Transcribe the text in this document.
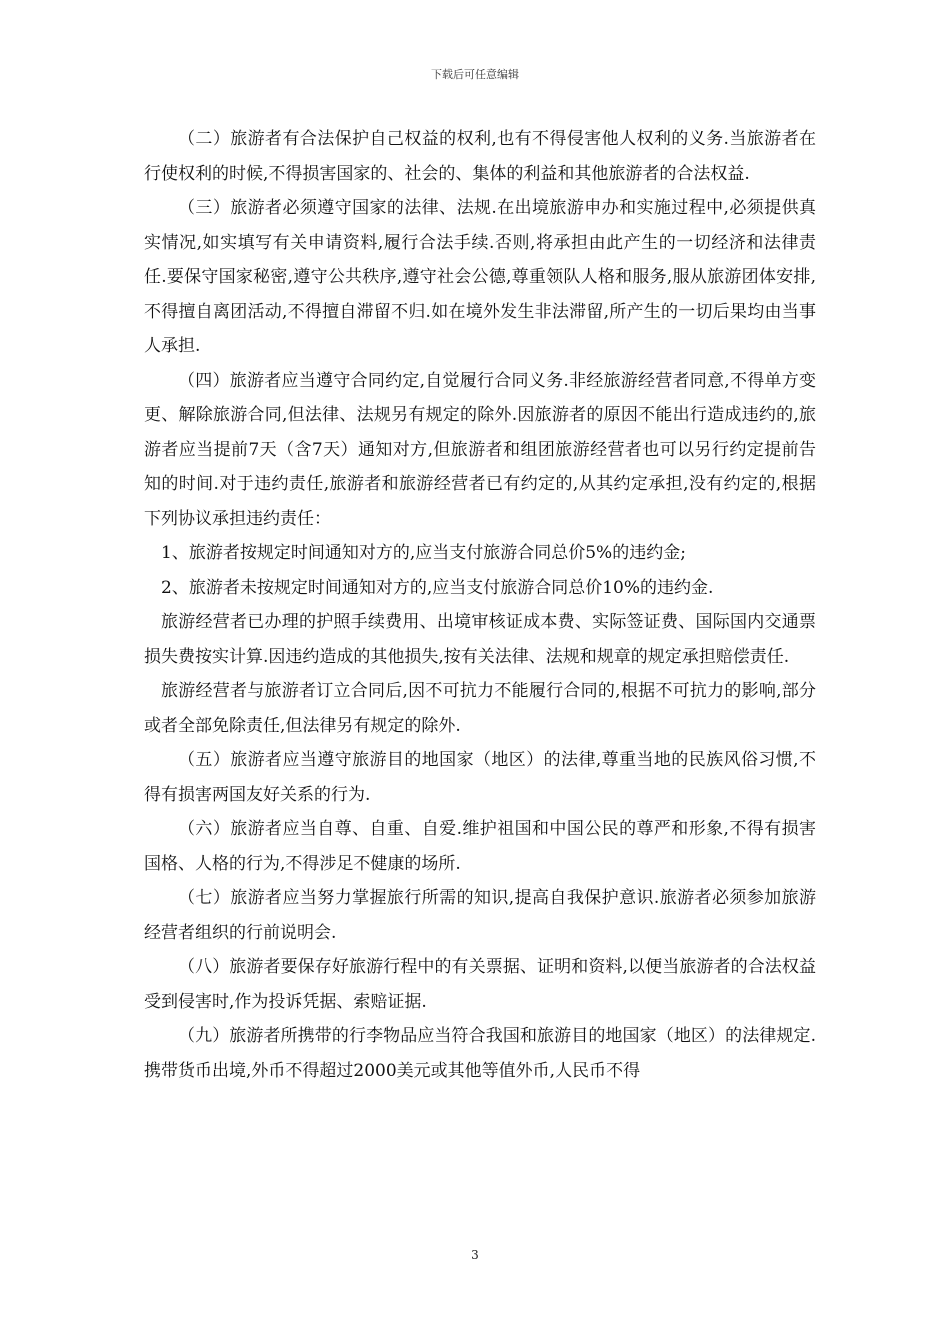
下载后可任意编辑

（二）旅游者有合法保护自己权益的权利,也有不得侵害他人权利的义务.当旅游者在行使权利的时候,不得损害国家的、社会的、集体的利益和其他旅游者的合法权益.

（三）旅游者必须遵守国家的法律、法规.在出境旅游申办和实施过程中,必须提供真实情况,如实填写有关申请资料,履行合法手续.否则,将承担由此产生的一切经济和法律责任.要保守国家秘密,遵守公共秩序,遵守社会公德,尊重领队人格和服务,服从旅游团体安排,不得擅自离团活动,不得擅自滞留不归.如在境外发生非法滞留,所产生的一切后果均由当事人承担.

（四）旅游者应当遵守合同约定,自觉履行合同义务.非经旅游经营者同意,不得单方变更、解除旅游合同,但法律、法规另有规定的除外.因旅游者的原因不能出行造成违约的,旅游者应当提前7天（含7天）通知对方,但旅游者和组团旅游经营者也可以另行约定提前告知的时间.对于违约责任,旅游者和旅游经营者已有约定的,从其约定承担,没有约定的,根据下列协议承担违约责任：

1、旅游者按规定时间通知对方的,应当支付旅游合同总价5%的违约金;

2、旅游者未按规定时间通知对方的,应当支付旅游合同总价10%的违约金.

旅游经营者已办理的护照手续费用、出境审核证成本费、实际签证费、国际国内交通票损失费按实计算.因违约造成的其他损失,按有关法律、法规和规章的规定承担赔偿责任.

旅游经营者与旅游者订立合同后,因不可抗力不能履行合同的,根据不可抗力的影响,部分或者全部免除责任,但法律另有规定的除外.

（五）旅游者应当遵守旅游目的地国家（地区）的法律,尊重当地的民族风俗习惯,不得有损害两国友好关系的行为.

（六）旅游者应当自尊、自重、自爱.维护祖国和中国公民的尊严和形象,不得有损害国格、人格的行为,不得涉足不健康的场所.

（七）旅游者应当努力掌握旅行所需的知识,提高自我保护意识.旅游者必须参加旅游经营者组织的行前说明会.

（八）旅游者要保存好旅游行程中的有关票据、证明和资料,以便当旅游者的合法权益受到侵害时,作为投诉凭据、索赔证据.

（九）旅游者所携带的行李物品应当符合我国和旅游目的地国家（地区）的法律规定.携带货币出境,外币不得超过2000美元或其他等值外币,人民币不得

3
